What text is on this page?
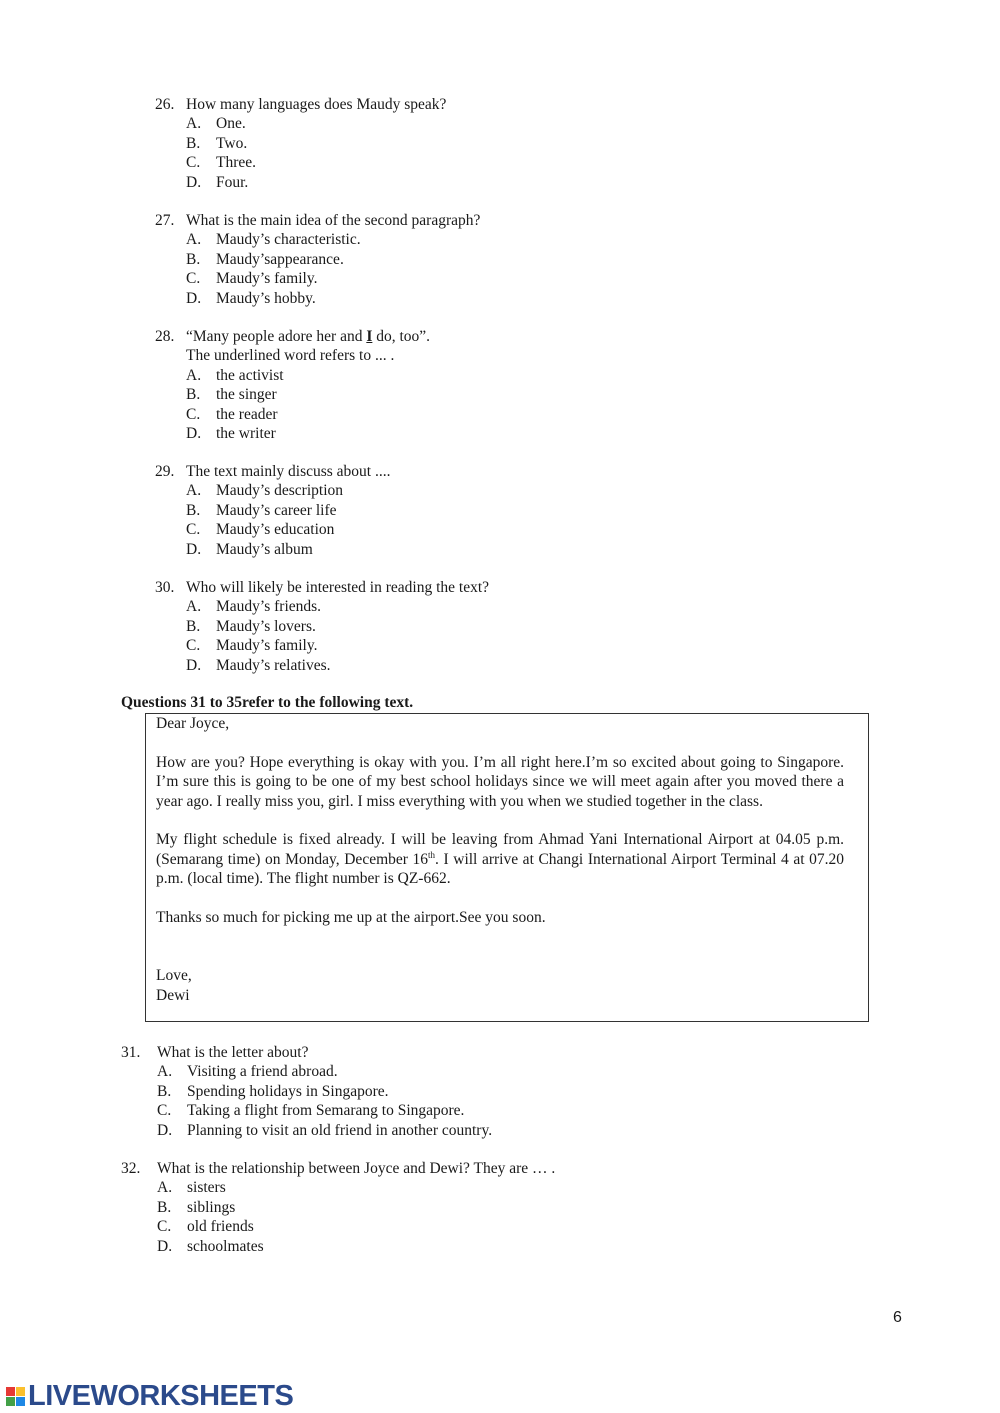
26. How many languages does Maudy speak?
A. One.
B. Two.
C. Three.
D. Four.
27. What is the main idea of the second paragraph?
A. Maudy’s characteristic.
B. Maudy’sappearance.
C. Maudy’s family.
D. Maudy’s hobby.
28. “Many people adore her and I do, too”.
The underlined word refers to ... .
A. the activist
B. the singer
C. the reader
D. the writer
29. The text mainly discuss about ....
A. Maudy’s description
B. Maudy’s career life
C. Maudy’s education
D. Maudy’s album
30. Who will likely be interested in reading the text?
A. Maudy’s friends.
B. Maudy’s lovers.
C. Maudy’s family.
D. Maudy’s relatives.
Questions 31 to 35refer to the following text.

Dear Joyce,

How are you? Hope everything is okay with you. I’m all right here.I’m so excited about going to Singapore. I’m sure this is going to be one of my best school holidays since we will meet again after you moved there a year ago. I really miss you, girl. I miss everything with you when we studied together in the class.

My flight schedule is fixed already. I will be leaving from Ahmad Yani International Airport at 04.05 p.m. (Semarang time) on Monday, December 16th. I will arrive at Changi International Airport Terminal 4 at 07.20 p.m. (local time). The flight number is QZ-662.

Thanks so much for picking me up at the airport.See you soon.

Love,

Dewi

31. What is the letter about?
A. Visiting a friend abroad.
B. Spending holidays in Singapore.
C. Taking a flight from Semarang to Singapore.
D. Planning to visit an old friend in another country.
32. What is the relationship between Joyce and Dewi? They are … .
A. sisters
B. siblings
C. old friends
D. schoolmates
6
LIVEWORKSHEETS
